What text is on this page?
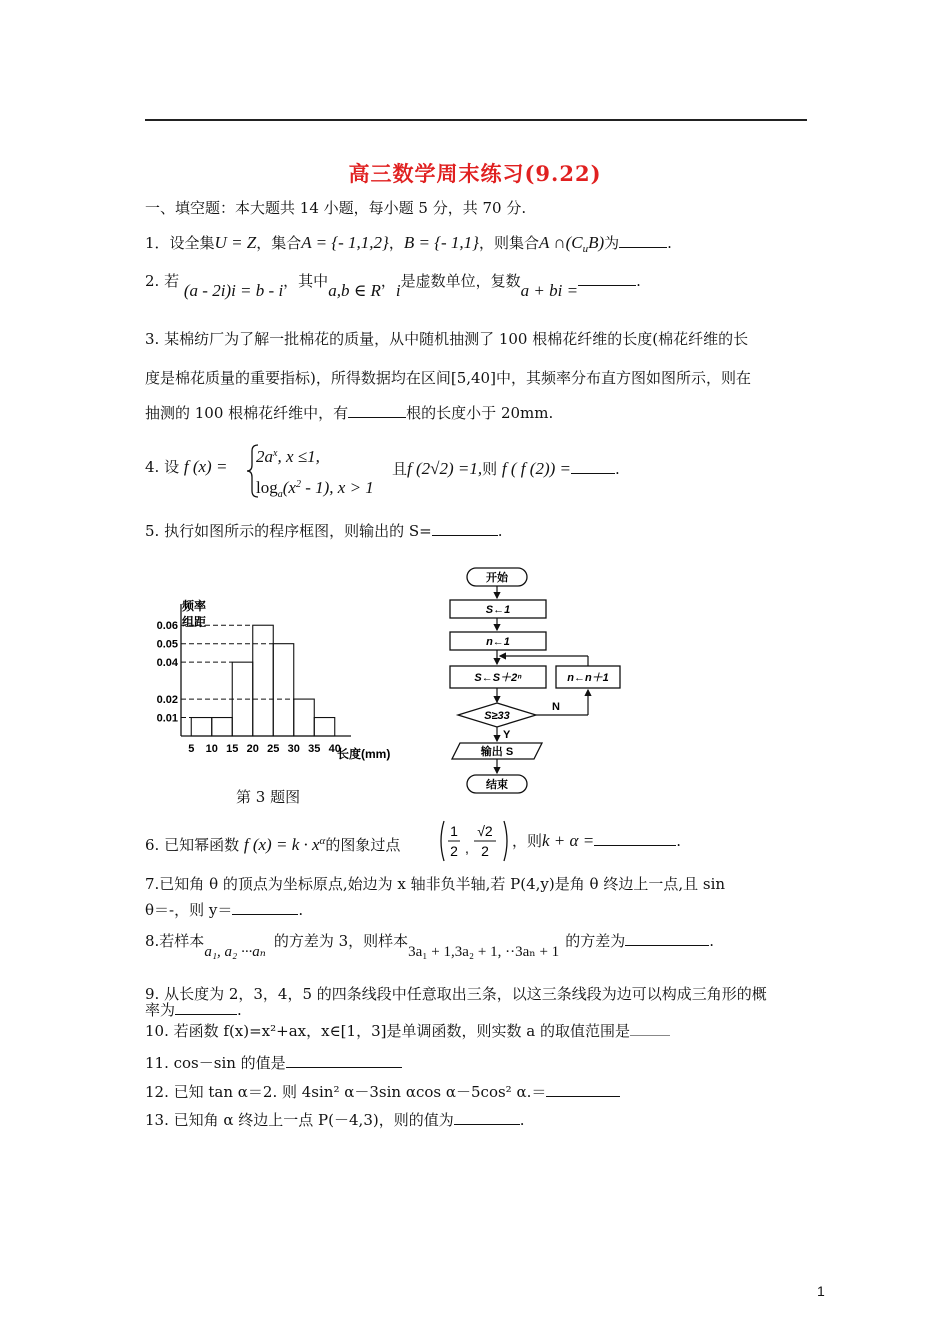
高三数学周末练习(9.22)
一、填空题：本大题共 14 小题，每小题 5 分，共 70 分.
1．设全集U = Z，集合A = {- 1,1,2}，B = {- 1,1}，则集合A $\cap(C_uB)$为	.
2. 若 (a - 2i)i = b - i，其中a,b ∈ R，i是虚数单位，复数a + bi =	.
3. 某棉纺厂为了解一批棉花的质量，从中随机抽测了 100 根棉花纤维的长度(棉花纤维的长
度是棉花质量的重要指标)，所得数据均在区间[5,40]中，其频率分布直方图如图所示，则在
抽测的 100 根棉花纤维中，有	根的长度小于 20mm.
4. 设 f (x) =
$2a^x$, x ≤1,
$\log_a(x^2 - 1)$, x > 1
且f (2√2) =1,则 f ( f (2)) =	.
5. 执行如图所示的程序框图，则输出的 S=	.
频率
组距
长度(mm)
0.06
0.05
0.04
0.02
0.01
5 10 15 20 25 30 35 40
第 3 题图
开始
S←1
n←1
S←S＋2ⁿ	n←n＋1
S≥33
N
Y
输出 S
结束
6. 已知幂函数 f $(x) = k \cdot x^\alpha$的图象过点
1
2 ,
√2
2
，则k + α =	.
7.已知角 θ 的顶点为坐标原点,始边为 x 轴非负半轴,若 P(4,y)是角 θ 终边上一点,且 sin
θ＝-，则 y＝	.
8.若样本a₁, a₂ ···aₙ的方差为 3，则样本3a₁ + 1,3a₂ + 1, ··3aₙ + 1的方差为	.
9. 从长度为 2，3，4，5 的四条线段中任意取出三条，以这三条线段为边可以构成三角形的概
率为	.
10. 若函数 f(x)=x²+ax，x∈[1，3]是单调函数，则实数 a 的取值范围是
11. cos－sin 的值是
12. 已知 tan α＝2. 则 4sin² α－3sin αcos α－5cos² α.＝
13. 已知角 α 终边上一点 P(－4,3)，则的值为	.
1
